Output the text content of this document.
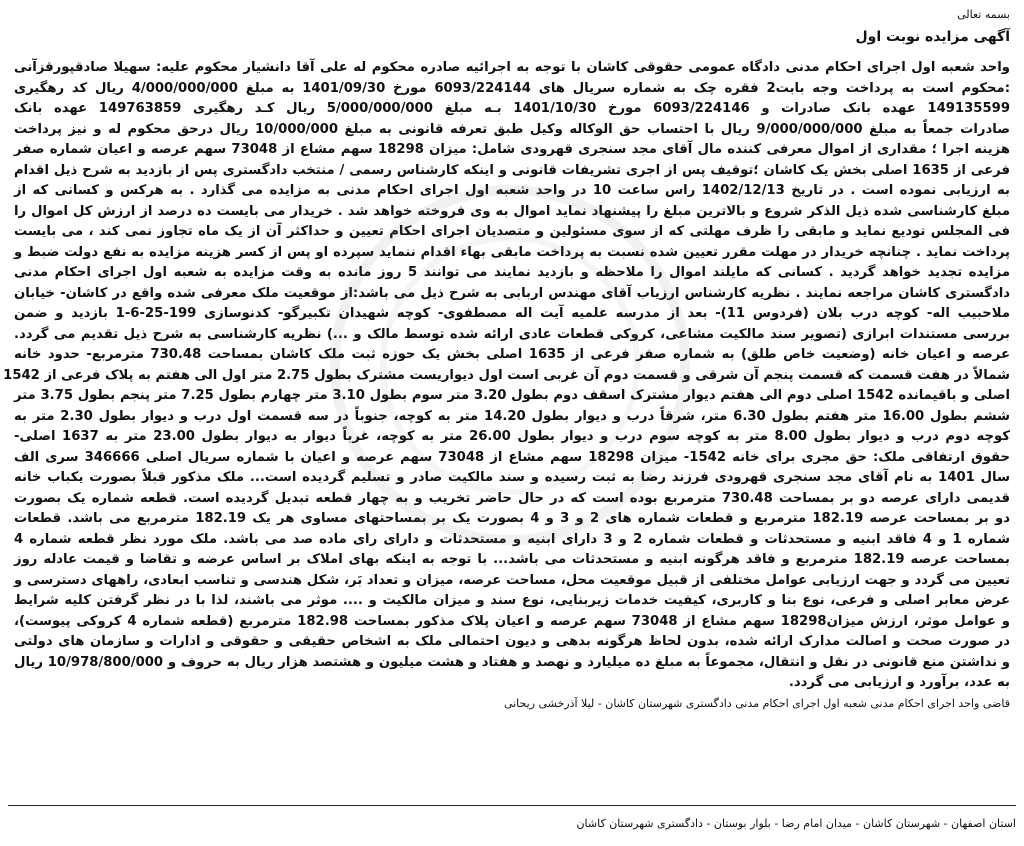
بسمه تعالی
آگهی مزایده نوبت اول
واحد شعبه اول اجرای احکام مدنی دادگاه عمومی حقوقی کاشان با توجه به اجرائیه صادره محکوم له علی آقا دانشیار محکوم علیه: سهیلا صادقپورقزآنی
:محکوم است به پرداخت وجه بابت2 فقره چک به شماره سریال های 6093/224144 مورخ 1401/09/30 به مبلغ 4/000/000/000 ریال کد رهگیری
149135599 عهده بانک صادرات و 6093/224146 مورخ 1401/10/30 بـه مبلغ 5/000/000/000 ریال کـد رهگیری 149763859 عهده بانک
صادرات جمعاً به مبلغ 9/000/000/000 ریال با احتساب حق الوکاله وکیل طبق تعرفه قانونی به مبلغ 10/000/000 ریال درحق محکوم له و نیز پرداخت
هزینه اجرا ؛ مقداری از اموال معرفی کننده مال آقای مجد سنجری قهرودی شامل: میزان 18298 سهم مشاع از 73048 سهم عرصه و اعیان شماره صفر
فرعی از 1635 اصلی بخش یک کاشان ؛توقیف پس از اجری تشریفات قانونی و اینکه کارشناس رسمی / منتخب دادگستری پس از بازدید به شرح ذیل اقدام
به ارزیابی نموده است . در تاریخ 1402/12/13 راس ساعت 10 در واحد شعبه اول اجرای احکام مدنی به مزایده می گذارد . به هرکس و کسانی که از
مبلغ کارشناسی شده ذیل الذکر شروع و بالاترین مبلغ را پیشنهاد نماید اموال به وی فروخته خواهد شد . خریدار می بایست ده درصد از ارزش کل اموال را
فی المجلس تودیع نماید و مابقی را ظرف مهلتی که از سوی مسئولین و متصدیان اجرای احکام تعیین و حداکثر آن از یک ماه تجاوز نمی کند ، می بایست
پرداخت نماید . چنانچه خریدار در مهلت مقرر تعیین شده نسبت به پرداخت مابقی بهاء اقدام ننماید سپرده او پس از کسر هزینه مزایده به نفع دولت ضبط و
مزایده تجدید خواهد گردید . کسانی که مایلند اموال را ملاحظه و بازدید نمایند می توانند 5 روز مانده به وقت مزایده به شعبه اول اجرای احکام مدنی
دادگستری کاشان مراجعه نمایند . نظریه کارشناس ارزیاب آقای مهندس اربابی به شرح ذیل می باشد:از موقعیت ملک معرفی شده واقع در کاشان- خیابان
ملاحبیب اله- کوچه درب بلان (فردوس 11)- بعد از مدرسه علمیه آیت اله مصطفوی- کوچه شهیدان تکبیرگو- کدنوسازی 199-25-6-1 بازدید و ضمن
بررسی مستندات ابرازی (تصویر سند مالکیت مشاعی، کروکی قطعات عادی ارائه شده توسط مالک و ...) نظریه کارشناسی به شرح ذیل تقدیم می گردد.
عرصه و اعیان خانه (وضعیت خاص طلق) به شماره صفر فرعی از 1635 اصلی بخش یک حوزه ثبت ملک کاشان بمساحت 730.48 مترمربع- حدود خانه
شمالاً در هفت قسمت که قسمت پنجم آن شرقی و قسمت دوم آن غربی است اول دیواریست مشترک بطول 2.75 متر اول الی هفتم به پلاک فرعی از 1542
اصلی و باقیمانده 1542 اصلی دوم الی هفتم دیوار مشترک اسقف دوم بطول 3.20 متر سوم بطول 3.10 متر چهارم بطول 7.25 متر پنجم بطول 3.75 متر
ششم بطول 16.00 متر هفتم بطول 6.30 متر، شرقاً درب و دیوار بطول 14.20 متر به کوچه، جنوباً در سه قسمت اول درب و دیوار بطول 2.30 متر به
کوچه دوم درب و دیوار بطول 8.00 متر به کوچه سوم درب و دیوار بطول 26.00 متر به کوچه، غرباً دیوار به دیوار بطول 23.00 متر به 1637 اصلی-
حقوق ارتفاقی ملک: حق مجری برای خانه 1542- میزان 18298 سهم مشاع از 73048 سهم عرصه و اعیان با شماره سریال اصلی 346666 سری الف
سال 1401 به نام آقای مجد سنجری قهرودی فرزند رضا به ثبت رسیده و سند مالکیت صادر و تسلیم گردیده است... ملک مذکور قبلاً بصورت یکباب خانه
قدیمی دارای عرصه دو بر بمساحت 730.48 مترمربع بوده است که در حال حاضر تخریب و به چهار قطعه تبدیل گردیده است. قطعه شماره یک بصورت
دو بر بمساحت عرصه 182.19 مترمربع و قطعات شماره های 2 و 3 و 4 بصورت یک بر بمساحتهای مساوی هر یک 182.19 مترمربع می باشد. قطعات
شماره 1 و 4 فاقد ابنیه و مستحدثات و قطعات شماره 2 و 3 دارای ابنیه و مستحدثات و دارای رای ماده صد می باشد. ملک مورد نظر قطعه شماره 4
بمساحت عرصه 182.19 مترمربع و فاقد هرگونه ابنیه و مستحدثات می باشد... با توجه به اینکه بهای املاک بر اساس عرضه و تقاضا و قیمت عادله روز
تعیین می گردد و جهت ارزیابی عوامل مختلفی از قبیل موقعیت محل، مساحت عرصه، میزان و تعداد بَر، شکل هندسی و تناسب ابعادی، راههای دسترسی و
عرض معابر اصلی و فرعی، نوع بنا و کاربری، کیفیت خدمات زیربنایی، نوع سند و میزان مالکیت و .... موثر می باشند، لذا با در نظر گرفتن کلیه شرایط
و عوامل موثر، ارزش میزان18298 سهم مشاع از 73048 سهم عرصه و اعیان پلاک مذکور بمساحت 182.98 مترمربع (قطعه شماره 4 کروکی پیوست)،
در صورت صحت و اصالت مدارک ارائه شده، بدون لحاظ هرگونه بدهی و دیون احتمالی ملک به اشخاص حقیقی و حقوقی و ادارات و سازمان های دولتی
و نداشتن منع قانونی در نقل و انتقال، مجموعاً به مبلغ ده میلیارد و نهصد و هفتاد و هشت میلیون و هشتصد هزار ریال به حروف و 10/978/800/000 ریال
به عدد، برآورد و ارزیابی می گردد.
قاضی واحد اجرای احکام مدنی شعبه اول اجرای احکام مدنی دادگستری شهرستان کاشان - لیلا آذرخشی ریحانی
استان اصفهان - شهرستان کاشان - میدان امام رضا - بلوار بوستان - دادگستری شهرستان کاشان
